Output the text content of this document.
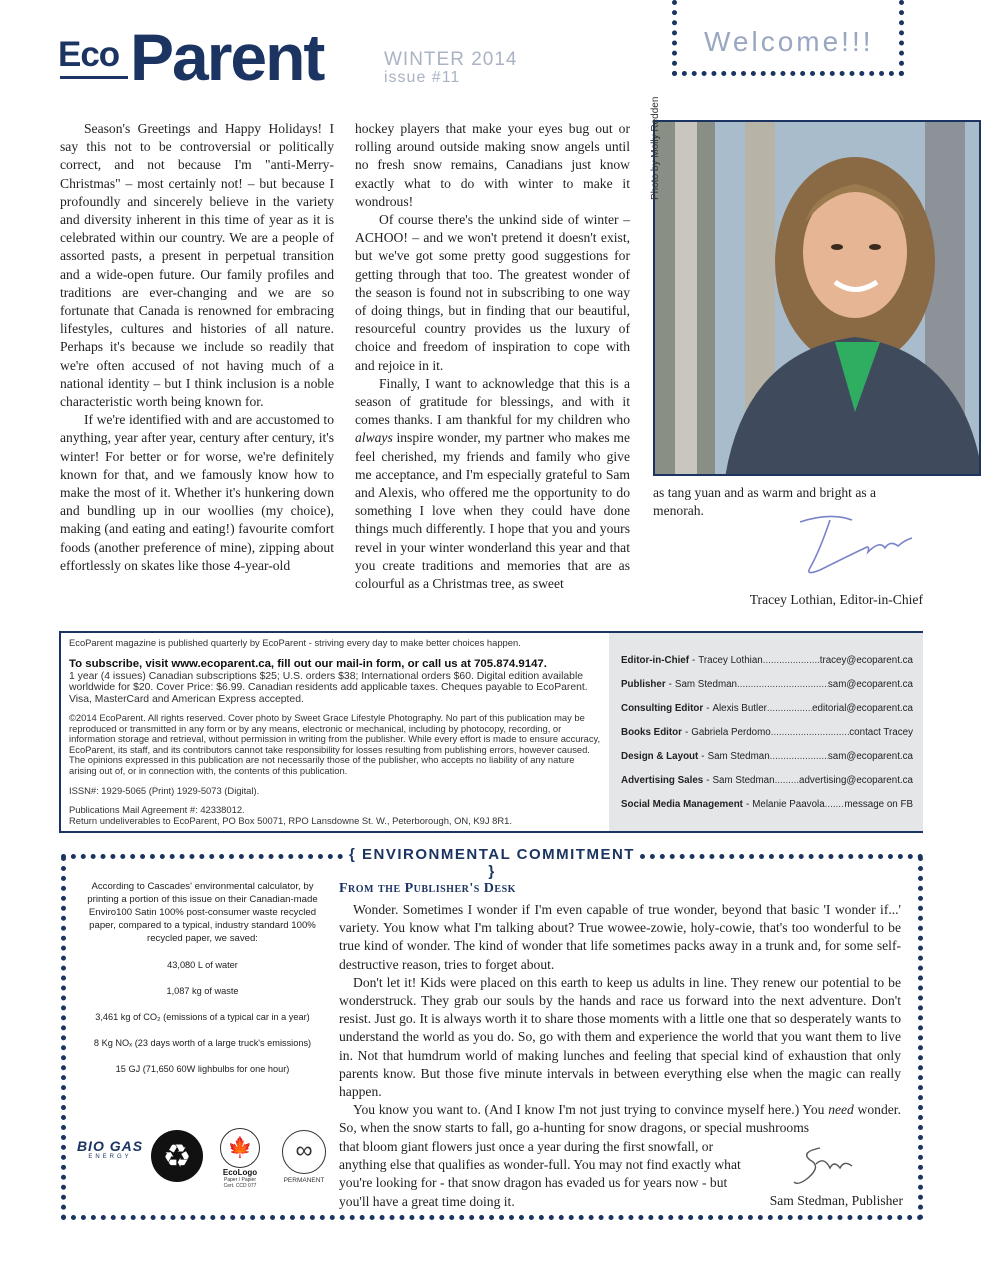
Eco Parent	WINTER 2014
issue #11
Welcome!!!

Season's Greetings and Happy Holidays! I say this not to be controversial or politically correct, and not because I'm "anti-Merry-Christmas" – most certainly not! – but because I profoundly and sincerely believe in the variety and diversity inherent in this time of year as it is celebrated within our country. We are a people of assorted pasts, a present in perpetual transition and a wide-open future. Our family profiles and traditions are ever-changing and we are so fortunate that Canada is renowned for embracing lifestyles, cultures and histories of all nature. Perhaps it's because we include so readily that we're often accused of not having much of a national identity – but I think inclusion is a noble characteristic worth being known for.

If we're identified with and are accustomed to anything, year after year, century after century, it's winter! For better or for worse, we're definitely known for that, and we famously know how to make the most of it. Whether it's hunkering down and bundling up in our woollies (my choice), making (and eating and eating!) favourite comfort foods (another preference of mine), zipping about effortlessly on skates like those 4-year-old

hockey players that make your eyes bug out or rolling around outside making snow angels until no fresh snow remains, Canadians just know exactly what to do with winter to make it wondrous!

Of course there's the unkind side of winter – ACHOO! – and we won't pretend it doesn't exist, but we've got some pretty good suggestions for getting through that too. The greatest wonder of the season is found not in subscribing to one way of doing things, but in finding that our beautiful, resourceful country provides us the luxury of choice and freedom of inspiration to cope with and rejoice in it.

Finally, I want to acknowledge that this is a season of gratitude for blessings, and with it comes thanks. I am thankful for my children who always inspire wonder, my partner who makes me feel cherished, my friends and family who give me acceptance, and I'm especially grateful to Sam and Alexis, who offered me the opportunity to do something I love when they could have done things much differently. I hope that you and yours revel in your winter wonderland this year and that you create traditions and memories that are as colourful as a Christmas tree, as sweet

Photo by Molly Redden

as tang yuan and as warm and bright as a menorah.	Tracey
Tracey Lothian, Editor-in-Chief
EcoParent magazine is published quarterly by EcoParent - striving every day to make better choices happen.
To subscribe, visit www.ecoparent.ca, fill out our mail-in form, or call us at 705.874.9147.
1 year (4 issues) Canadian subscriptions $25; U.S. orders $38; International orders $60. Digital edition available worldwide for $20. Cover Price: $6.99. Canadian residents add applicable taxes. Cheques payable to EcoParent. Visa, MasterCard and American Express accepted.
©2014 EcoParent. All rights reserved. Cover photo by Sweet Grace Lifestyle Photography. No part of this publication may be reproduced or transmitted in any form or by any means, electronic or mechanical, including by photocopy, recording, or information storage and retrieval, without permission in writing from the publisher. While every effort is made to ensure accuracy, EcoParent, its staff, and its contributors cannot take responsibility for losses resulting from publishing errors, however caused. The opinions expressed in this publication are not necessarily those of the publisher, who accepts no liability of any nature arising out of, or in connection with, the contents of this publication.
ISSN#: 1929-5065 (Print) 1929-5073 (Digital).
Publications Mail Agreement #: 42338012.
Return undeliverables to EcoParent, PO Box 50071, RPO Lansdowne St. W., Peterborough, ON, K9J 8R1.
Editor-in-Chief - Tracey Lothian .....	tracey@ecoparent.ca
Publisher - Sam Stedman .....	sam@ecoparent.ca
Consulting Editor - Alexis Butler .....	editorial@ecoparent.ca
Books Editor - Gabriela Perdomo .....	contact Tracey
Design & Layout - Sam Stedman .....	sam@ecoparent.ca
Advertising Sales - Sam Stedman ..... advertising@ecoparent.ca
Social Media Management - Melanie Paavola ..... message on FB
{ ENVIRONMENTAL COMMITMENT }
According to Cascades' environmental calculator, by printing a portion of this issue on their Canadian-made Enviro100 Satin 100% post-consumer waste recycled paper, compared to a typical, industry standard 100% recycled paper, we saved:
43,080 L of water
1,087 kg of waste
3,461 kg of CO₂ (emissions of a typical car in a year)
8 Kg NOₓ (23 days worth of a large truck's emissions)
15 GJ (71,650 60W lighbulbs for one hour)
BIO GAS
ENERGY ♻	🍁
EcoLogo
Paper / Papier
Cert. CCD 077
∞
PERMANENT
From the Publisher's Desk

Wonder. Sometimes I wonder if I'm even capable of true wonder, beyond that basic 'I wonder if...' variety. You know what I'm talking about? True wowee-zowie, holy-cowie, that's too wonderful to be true kind of wonder. The kind of wonder that life sometimes packs away in a trunk and, for some self-destructive reason, tries to forget about.

Don't let it! Kids were placed on this earth to keep us adults in line. They renew our potential to be wonderstruck. They grab our souls by the hands and race us forward into the next adventure. Don't resist. Just go. It is always worth it to share those moments with a little one that so desperately wants to understand the world as you do. So, go with them and experience the world that you want them to live in. Not that humdrum world of making lunches and feeling that special kind of exhaustion that only parents know. But those five minute intervals in between everything else when the magic can really happen.

You know you want to. (And I know I'm not just trying to convince myself here.) You need wonder. So, when the snow starts to fall, go a-hunting for snow dragons, or special mushrooms

that bloom giant flowers just once a year during the first snowfall, or anything else that qualifies as wonder-full. You may not find exactly what you're looking for - that snow dragon has evaded us for years now - but you'll have a great time doing it.
Sam
Sam Stedman, Publisher
